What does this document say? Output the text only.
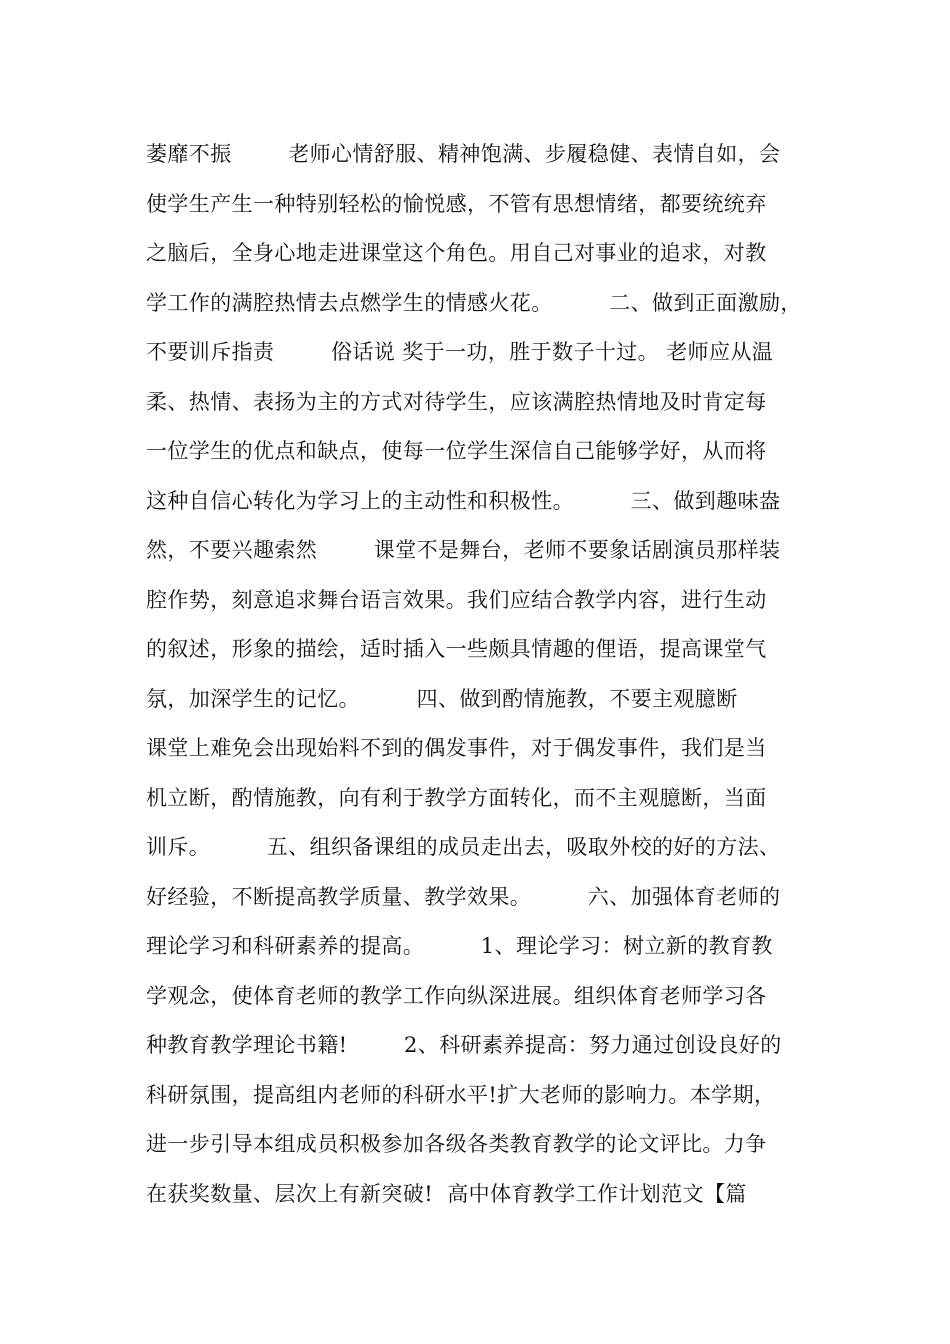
萎靡不振        老师心情舒服、精神饱满、步履稳健、表情自如，会
使学生产生一种特别轻松的愉悦感，不管有思想情绪，都要统统弃
之脑后，全身心地走进课堂这个角色。用自己对事业的追求，对教
学工作的满腔热情去点燃学生的情感火花。        二、做到正面激励，
不要训斥指责        俗话说 奖于一功，胜于数子十过。 老师应从温
柔、热情、表扬为主的方式对待学生，应该满腔热情地及时肯定每
一位学生的优点和缺点，使每一位学生深信自己能够学好，从而将
这种自信心转化为学习上的主动性和积极性。        三、做到趣味盎
然，不要兴趣索然        课堂不是舞台，老师不要象话剧演员那样装
腔作势，刻意追求舞台语言效果。我们应结合教学内容，进行生动
的叙述，形象的描绘，适时插入一些颇具情趣的俚语，提高课堂气
氛，加深学生的记忆。        四、做到酌情施教，不要主观臆断
课堂上难免会出现始料不到的偶发事件，对于偶发事件，我们是当
机立断，酌情施教，向有利于教学方面转化，而不主观臆断，当面
训斥。        五、组织备课组的成员走出去，吸取外校的好的方法、
好经验，不断提高教学质量、教学效果。        六、加强体育老师的
理论学习和科研素养的提高。        1、理论学习：树立新的教育教
学观念，使体育老师的教学工作向纵深进展。组织体育老师学习各
种教育教学理论书籍!        2、科研素养提高：努力通过创设良好的
科研氛围，提高组内老师的科研水平!扩大老师的影响力。本学期，
进一步引导本组成员积极参加各级各类教育教学的论文评比。力争
在获奖数量、层次上有新突破!  高中体育教学工作计划范文【篇
